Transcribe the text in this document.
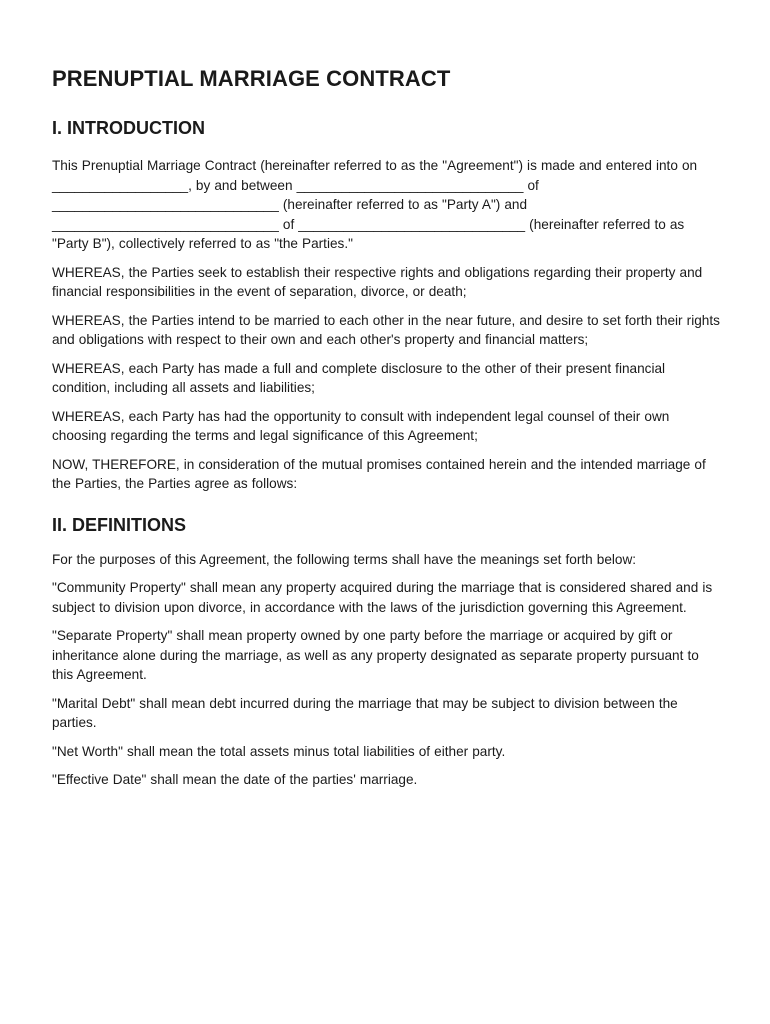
PRENUPTIAL MARRIAGE CONTRACT
I. INTRODUCTION

This Prenuptial Marriage Contract (hereinafter referred to as the "Agreement") is made and entered into on __________________, by and between ______________________________ of ______________________________ (hereinafter referred to as "Party A") and ______________________________ of ______________________________ (hereinafter referred to as "Party B"), collectively referred to as "the Parties."

WHEREAS, the Parties seek to establish their respective rights and obligations regarding their property and financial responsibilities in the event of separation, divorce, or death;

WHEREAS, the Parties intend to be married to each other in the near future, and desire to set forth their rights and obligations with respect to their own and each other's property and financial matters;

WHEREAS, each Party has made a full and complete disclosure to the other of their present financial condition, including all assets and liabilities;

WHEREAS, each Party has had the opportunity to consult with independent legal counsel of their own choosing regarding the terms and legal significance of this Agreement;

NOW, THEREFORE, in consideration of the mutual promises contained herein and the intended marriage of the Parties, the Parties agree as follows:

II. DEFINITIONS

For the purposes of this Agreement, the following terms shall have the meanings set forth below:

"Community Property" shall mean any property acquired during the marriage that is considered shared and is subject to division upon divorce, in accordance with the laws of the jurisdiction governing this Agreement.

"Separate Property" shall mean property owned by one party before the marriage or acquired by gift or inheritance alone during the marriage, as well as any property designated as separate property pursuant to this Agreement.

"Marital Debt" shall mean debt incurred during the marriage that may be subject to division between the parties.

"Net Worth" shall mean the total assets minus total liabilities of either party.

"Effective Date" shall mean the date of the parties' marriage.
